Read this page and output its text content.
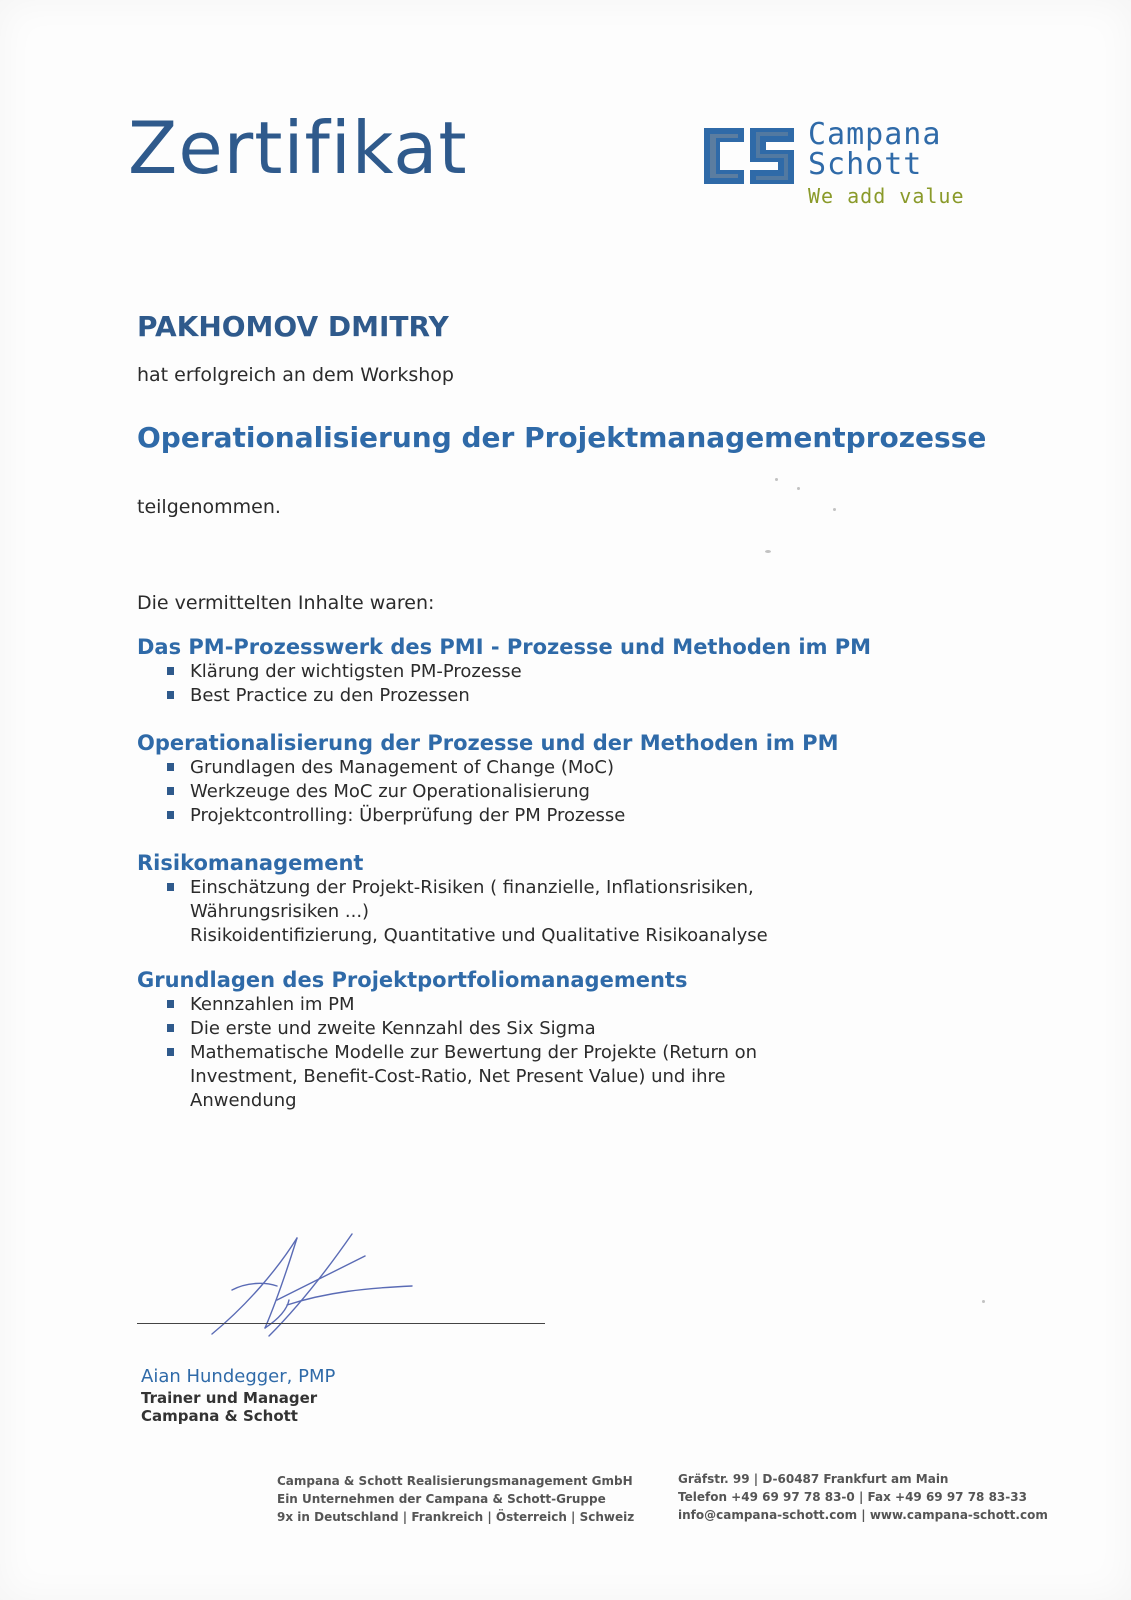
Zertifikat	Campana
Schott
We add value
PAKHOMOV DMITRY
hat erfolgreich an dem Workshop
Operationalisierung der Projektmanagementprozesse
teilgenommen.
Die vermittelten Inhalte waren:
Das PM-Prozesswerk des PMI - Prozesse und Methoden im PM
Klärung der wichtigsten PM-Prozesse
Best Practice zu den Prozessen
Operationalisierung der Prozesse und der Methoden im PM
Grundlagen des Management of Change (MoC)
Werkzeuge des MoC zur Operationalisierung
Projektcontrolling: Überprüfung der PM Prozesse
Risikomanagement
Einschätzung der Projekt-Risiken ( finanzielle, Inflationsrisiken, Währungsrisiken ...)
Risikoidentifizierung, Quantitative und Qualitative Risikoanalyse
Grundlagen des Projektportfoliomanagements
Kennzahlen im PM
Die erste und zweite Kennzahl des Six Sigma
Mathematische Modelle zur Bewertung der Projekte (Return on Investment, Benefit-Cost-Ratio, Net Present Value) und ihre Anwendung
Aian Hundegger, PMP
Trainer und Manager
Campana & Schott
Campana & Schott Realisierungsmanagement GmbH
Ein Unternehmen der Campana & Schott-Gruppe
9x in Deutschland | Frankreich | Österreich | Schweiz
Gräfstr. 99 | D-60487 Frankfurt am Main
Telefon +49 69 97 78 83-0 | Fax +49 69 97 78 83-33
info@campana-schott.com | www.campana-schott.com
